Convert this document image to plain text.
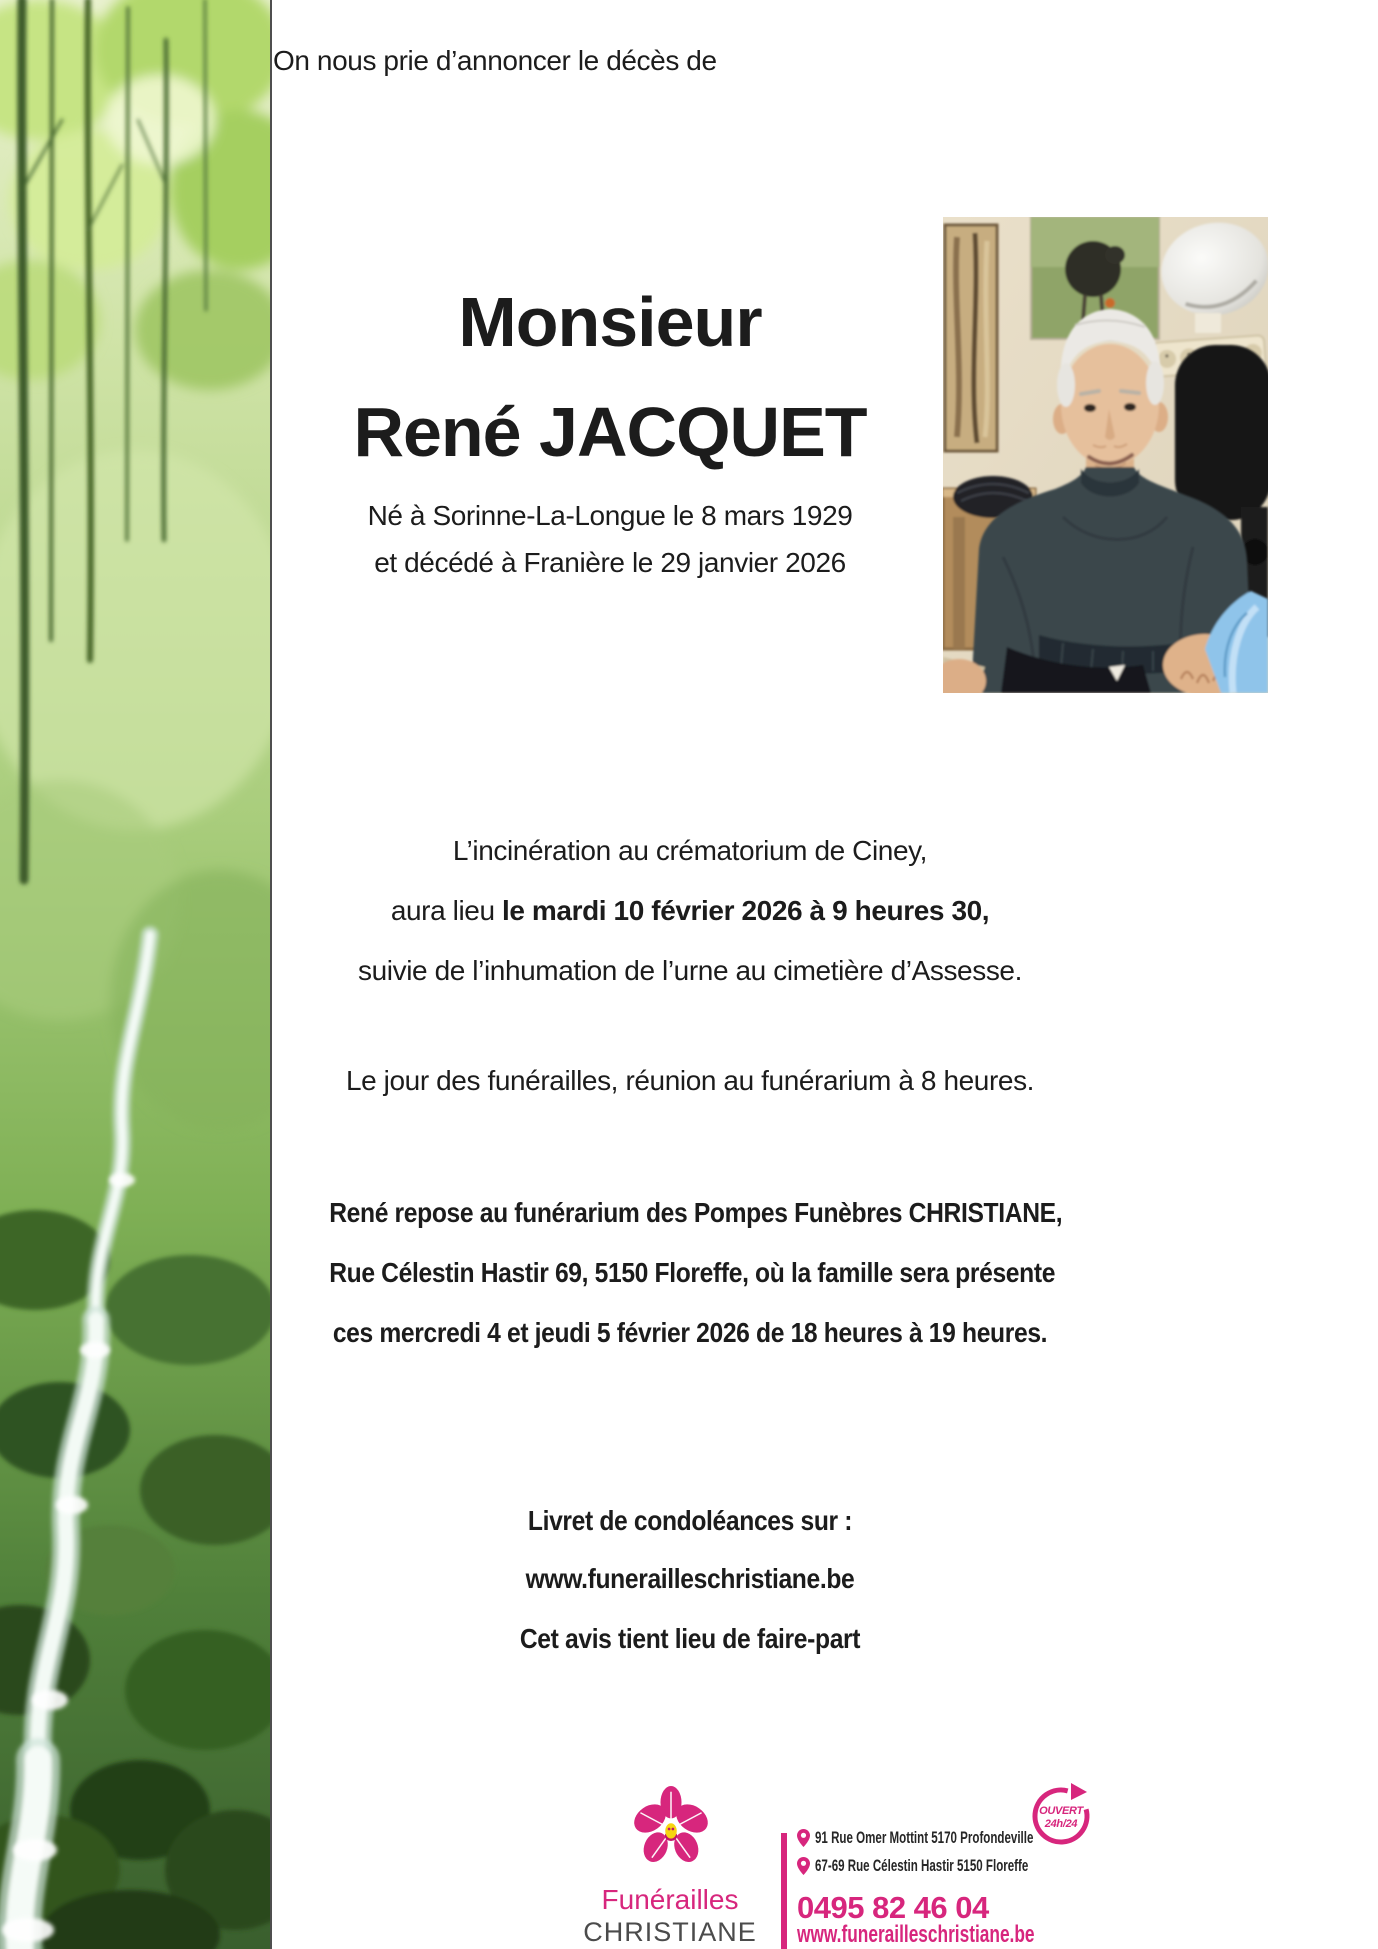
On nous prie d’annoncer le décès de
Monsieur
René JACQUET
Né à Sorinne-La-Longue le 8 mars 1929
et décédé à Franière le 29 janvier 2026
L’incinération au crématorium de Ciney,
aura lieu le mardi 10 février 2026 à 9 heures 30,
suivie de l’inhumation de l’urne au cimetière d’Assesse.
Le jour des funérailles, réunion au funérarium à 8 heures.
René repose au funérarium des Pompes Funèbres CHRISTIANE,
Rue Célestin Hastir 69, 5150 Floreffe, où la famille sera présente
ces mercredi 4 et jeudi 5 février 2026 de 18 heures à 19 heures.
Livret de condoléances sur :
www.funerailleschristiane.be
Cet avis tient lieu de faire-part
Funérailles
CHRISTIANE
OUVERT
24h/24
91 Rue Omer Mottint 5170 Profondeville
67-69 Rue Célestin Hastir 5150 Floreffe
0495 82 46 04
www.funerailleschristiane.be
